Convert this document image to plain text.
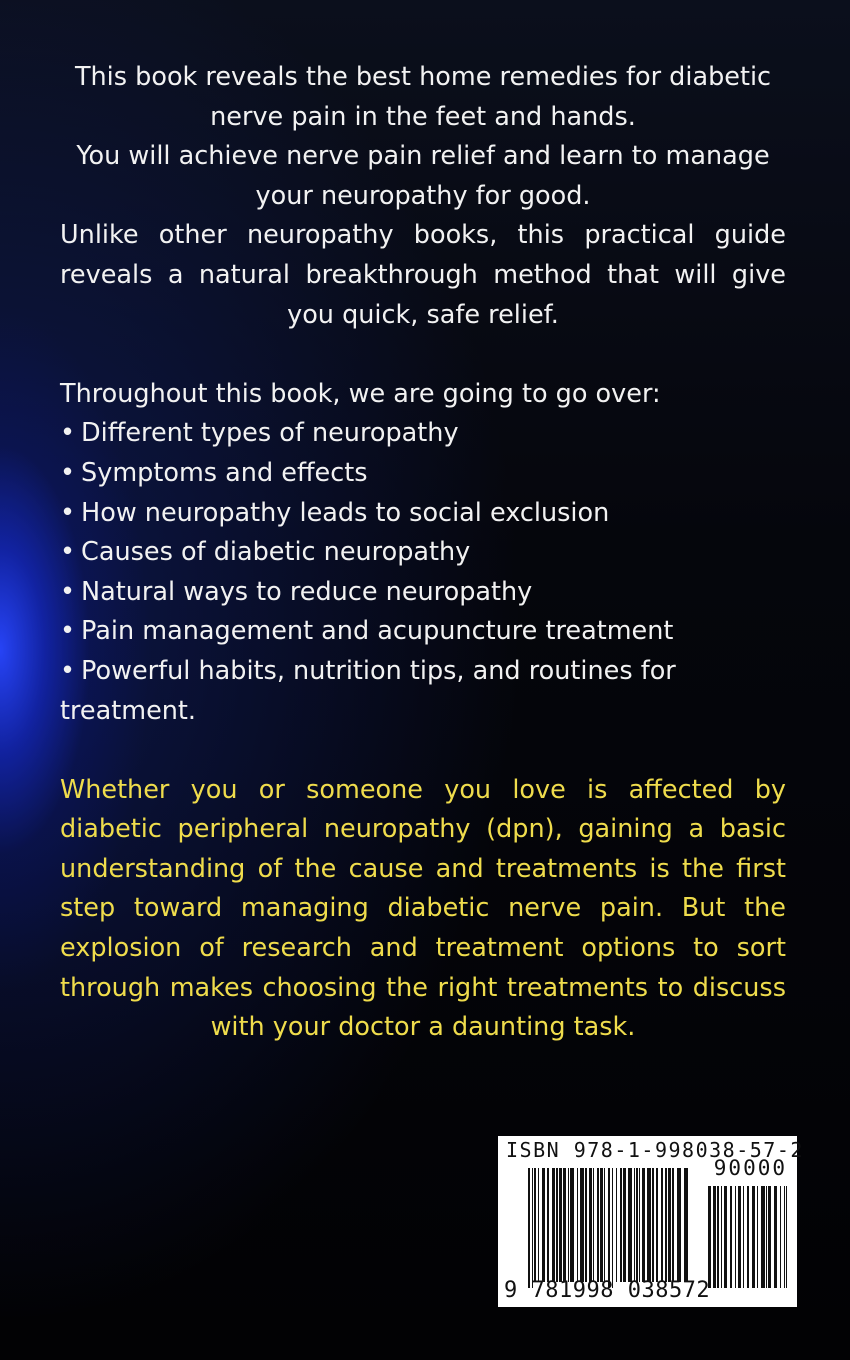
This book reveals the best home remedies for diabetic nerve pain in the feet and hands.
You will achieve nerve pain relief and learn to manage your neuropathy for good.
Unlike other neuropathy books, this practical guide reveals a natural breakthrough method that will give you quick, safe relief.
Throughout this book, we are going to go over:
• Different types of neuropathy
• Symptoms and effects
• How neuropathy leads to social exclusion
• Causes of diabetic neuropathy
• Natural ways to reduce neuropathy
• Pain management and acupuncture treatment
• Powerful habits, nutrition tips, and routines for treatment.
Whether you or someone you love is affected by diabetic peripheral neuropathy (dpn), gaining a basic understanding of the cause and treatments is the first step toward managing diabetic nerve pain. But the explosion of research and treatment options to sort through makes choosing the right treatments to discuss with your doctor a daunting task.
ISBN 978-1-998038-57-2
90000
9 781998 038572
